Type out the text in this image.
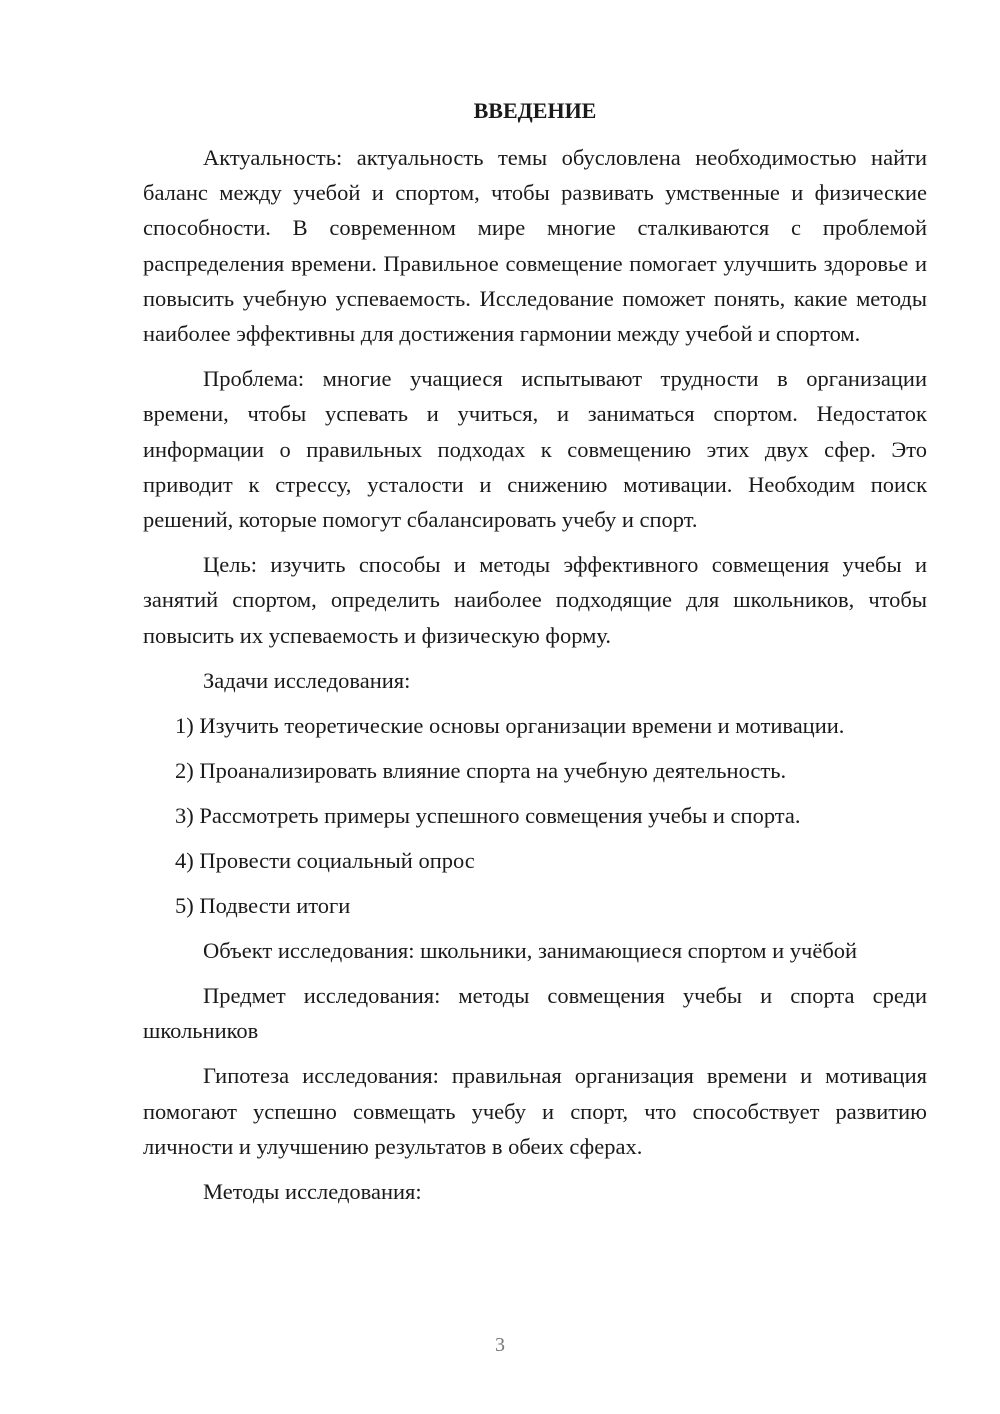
ВВЕДЕНИЕ

Актуальность: актуальность темы обусловлена необходимостью найти баланс между учебой и спортом, чтобы развивать умственные и физические способности. В современном мире многие сталкиваются с проблемой распределения времени. Правильное совмещение помогает улучшить здоровье и повысить учебную успеваемость. Исследование поможет понять, какие методы наиболее эффективны для достижения гармонии между учебой и спортом.

Проблема: многие учащиеся испытывают трудности в организации времени, чтобы успевать и учиться, и заниматься спортом. Недостаток информации о правильных подходах к совмещению этих двух сфер. Это приводит к стрессу, усталости и снижению мотивации. Необходим поиск решений, которые помогут сбалансировать учебу и спорт.

Цель: изучить способы и методы эффективного совмещения учебы и занятий спортом, определить наиболее подходящие для школьников, чтобы повысить их успеваемость и физическую форму.

Задачи исследования:
1) Изучить теоретические основы организации времени и мотивации.
2) Проанализировать влияние спорта на учебную деятельность.
3) Рассмотреть примеры успешного совмещения учебы и спорта.
4) Провести социальный опрос
5) Подвести итоги

Объект исследования: школьники, занимающиеся спортом и учёбой

Предмет исследования: методы совмещения учебы и спорта среди школьников

Гипотеза исследования: правильная организация времени и мотивация помогают успешно совмещать учебу и спорт, что способствует развитию личности и улучшению результатов в обеих сферах.

Методы исследования:
3
